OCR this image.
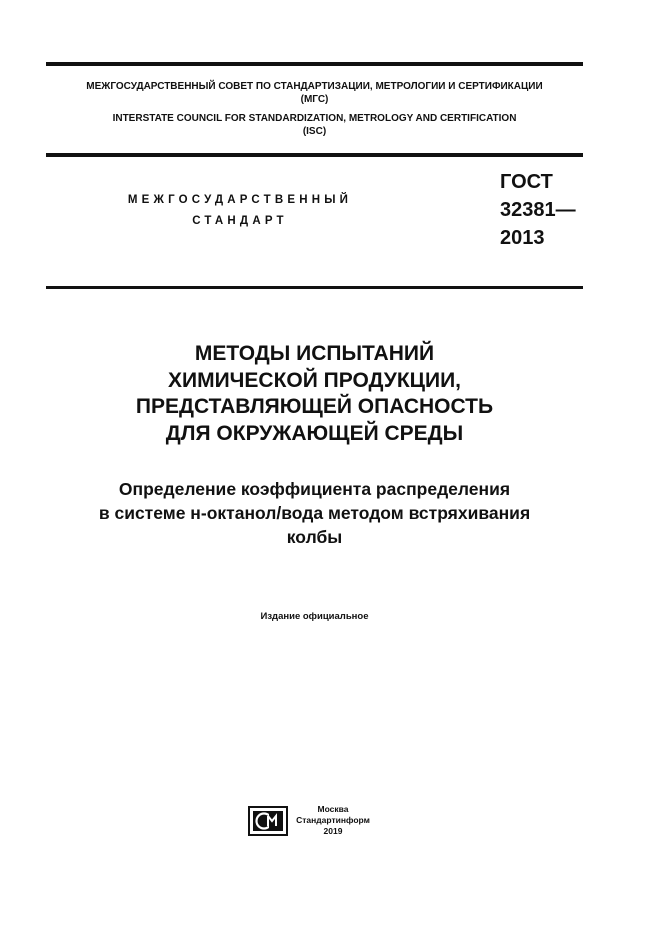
МЕЖГОСУДАРСТВЕННЫЙ СОВЕТ ПО СТАНДАРТИЗАЦИИ, МЕТРОЛОГИИ И СЕРТИФИКАЦИИ
(МГС)
INTERSTATE COUNCIL FOR STANDARDIZATION, METROLOGY AND CERTIFICATION
(ISC)
МЕЖГОСУДАРСТВЕННЫЙ
СТАНДАРТ
ГОСТ
32381—
2013
МЕТОДЫ ИСПЫТАНИЙ
ХИМИЧЕСКОЙ ПРОДУКЦИИ,
ПРЕДСТАВЛЯЮЩЕЙ ОПАСНОСТЬ
ДЛЯ ОКРУЖАЮЩЕЙ СРЕДЫ
Определение коэффициента распределения
в системе н-октанол/вода методом встряхивания
колбы
Издание официальное
Москва
Стандартинформ
2019
